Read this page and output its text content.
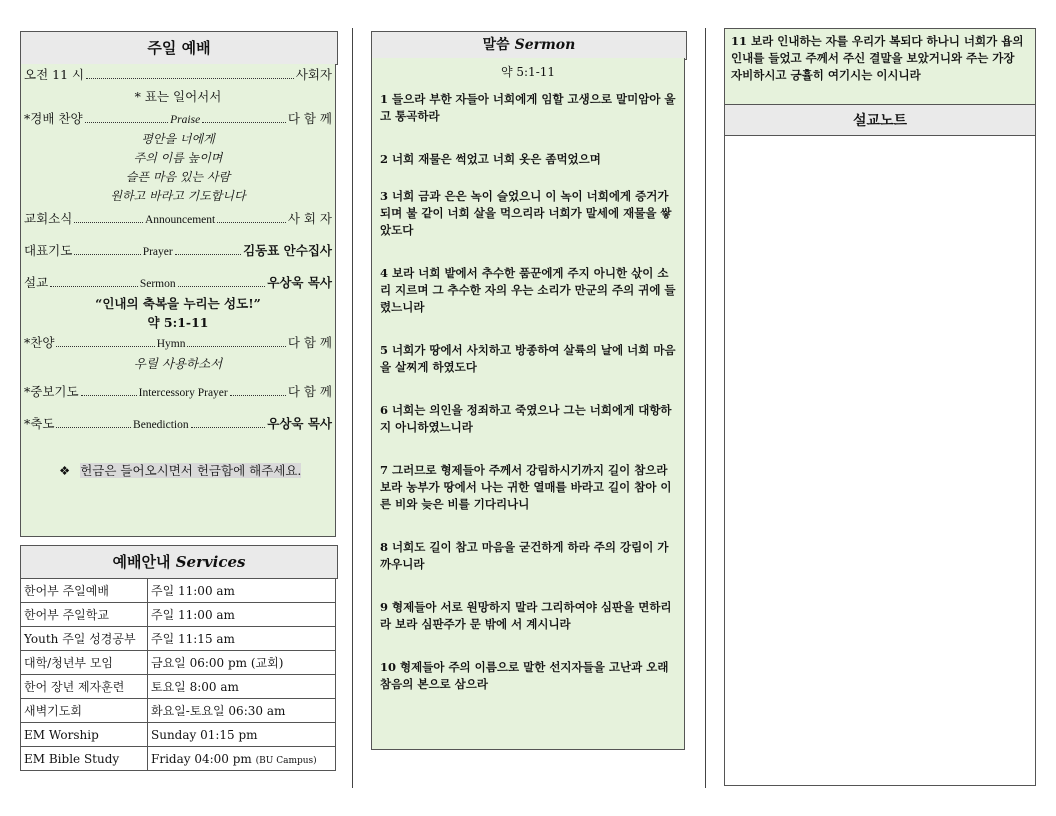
주일 예배
오전 11 시	사회자
* 표는 일어서서
*경배 찬양	Praise	다 함 께
평안을 너에게
주의 이름 높이며
슬픈 마음 있는 사람
원하고 바라고 기도합니다
교회소식	Announcement	사 회 자
대표기도	Prayer	김동표 안수집사
설교	Sermon	우상욱 목사
“인내의 축복을 누리는 성도!”
약 5:1-11
*찬양	Hymn	다 함 께
우릴 사용하소서
*중보기도	Intercessory Prayer	다 함 께
*축도	Benediction	우상욱 목사
❖ 헌금은 들어오시면서 헌금함에 해주세요.
예배안내 Services
한어부 주일예배	주일 11:00 am
한어부 주일학교	주일 11:00 am
Youth 주일 성경공부	주일 11:15 am
대학/청년부 모임	금요일 06:00 pm (교회)
한어 장년 제자훈련	토요일 8:00 am
새벽기도회	화요일-토요일 06:30 am
EM Worship	Sunday 01:15 pm
EM Bible Study	Friday 04:00 pm (BU Campus)
말씀 Sermon
약 5:1-11
1 들으라 부한 자들아 너희에게 임할 고생으로 말미암아 울고 통곡하라
2 너희 재물은 썩었고 너희 옷은 좀먹었으며
3 너희 금과 은은 녹이 슬었으니 이 녹이 너희에게 증거가 되며 불 같이 너희 살을 먹으리라 너희가 말세에 재물을 쌓았도다
4 보라 너희 밭에서 추수한 품꾼에게 주지 아니한 삯이 소리 지르며 그 추수한 자의 우는 소리가 만군의 주의 귀에 들렸느니라
5 너희가 땅에서 사치하고 방종하여 살륙의 날에 너희 마음을 살찌게 하였도다
6 너희는 의인을 정죄하고 죽였으나 그는 너희에게 대항하지 아니하였느니라
7 그러므로 형제들아 주께서 강림하시기까지 길이 참으라 보라 농부가 땅에서 나는 귀한 열매를 바라고 길이 참아 이른 비와 늦은 비를 기다리나니
8 너희도 길이 참고 마음을 굳건하게 하라 주의 강림이 가까우니라
9 형제들아 서로 원망하지 말라 그리하여야 심판을 면하리라 보라 심판주가 문 밖에 서 계시니라
10 형제들아 주의 이름으로 말한 선지자들을 고난과 오래 참음의 본으로 삼으라
11 보라 인내하는 자를 우리가 복되다 하나니 너희가 욥의 인내를 들었고 주께서 주신 결말을 보았거니와 주는 가장 자비하시고 긍휼히 여기시는 이시니라
설교노트
